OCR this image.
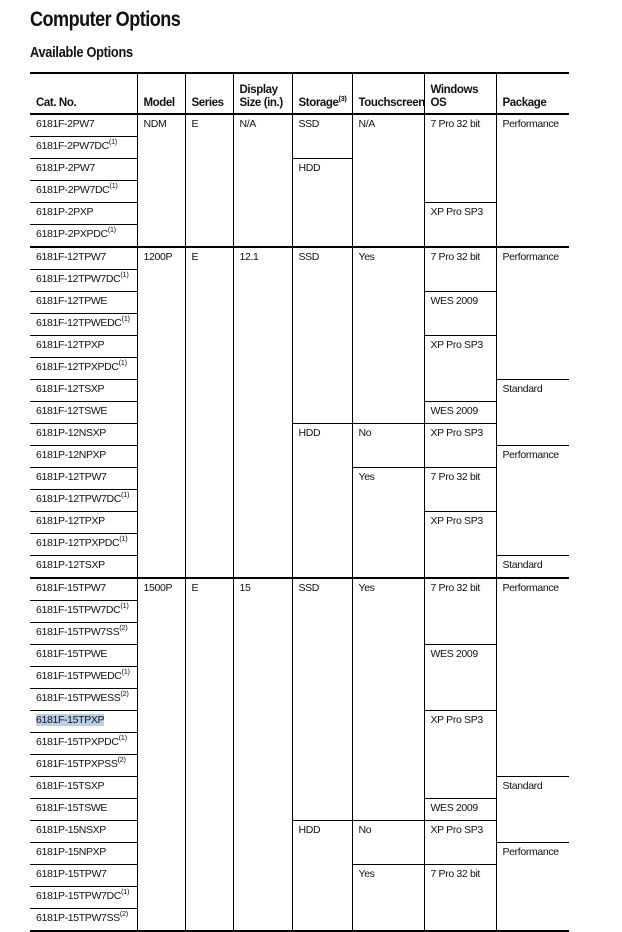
Computer Options
Available Options
Cat. No.	Model	Series	Display Size (in.)	Storage$^{(3)}$	Touchscreen	Windows OS	Package
6181F-2PW7	NDM	E	N/A	SSD	N/A	7 Pro 32 bit	Performance
6181F-2PW7DC$^{(1)}$
6181P-2PW7				HDD			
6181P-2PW7DC$^{(1)}$
6181P-2PXP						XP Pro SP3	
6181P-2PXPDC$^{(1)}$
6181F-12TPW7	1200P	E	12.1	SSD	Yes	7 Pro 32 bit	Performance
6181F-12TPW7DC$^{(1)}$
6181F-12TPWE						WES 2009	
6181F-12TPWEDC$^{(1)}$
6181F-12TPXP						XP Pro SP3	
6181F-12TPXPDC$^{(1)}$
6181F-12TSXP							Standard
6181F-12TSWE						WES 2009	
6181P-12NSXP				HDD	No	XP Pro SP3	
6181P-12NPXP							Performance
6181P-12TPW7					Yes	7 Pro 32 bit	
6181P-12TPW7DC$^{(1)}$
6181P-12TPXP						XP Pro SP3	
6181P-12TPXPDC$^{(1)}$
6181P-12TSXP							Standard
6181F-15TPW7	1500P	E	15	SSD	Yes	7 Pro 32 bit	Performance
6181F-15TPW7DC$^{(1)}$
6181F-15TPW7SS$^{(2)}$
6181F-15TPWE						WES 2009	
6181F-15TPWEDC$^{(1)}$
6181F-15TPWESS$^{(2)}$
6181F-15TPXP						XP Pro SP3	
6181F-15TPXPDC$^{(1)}$
6181F-15TPXPSS$^{(2)}$
6181F-15TSXP							Standard
6181F-15TSWE						WES 2009	
6181P-15NSXP				HDD	No	XP Pro SP3	
6181P-15NPXP							Performance
6181P-15TPW7					Yes	7 Pro 32 bit	
6181P-15TPW7DC$^{(1)}$
6181P-15TPW7SS$^{(2)}$
